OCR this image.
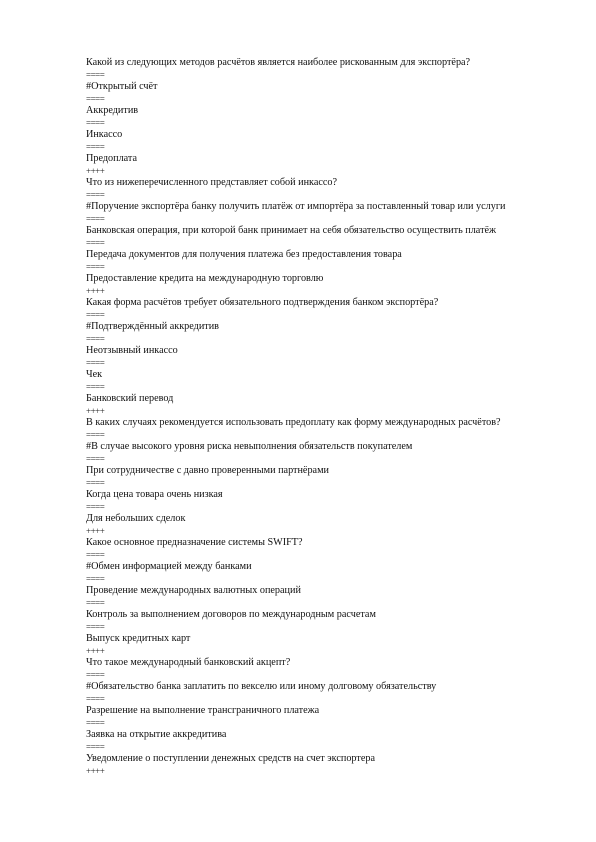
Какой из следующих методов расчётов является наиболее рискованным для экспортёра?
====
#Открытый счёт
====
Аккредитив
====
Инкассо
====
Предоплата
++++
Что из нижеперечисленного представляет собой инкассо?
====
#Поручение экспортёра банку получить платёж от импортёра за поставленный товар или услуги
====
Банковская операция, при которой банк принимает на себя обязательство осуществить платёж
====
Передача документов для получения платежа без предоставления товара
====
Предоставление кредита на международную торговлю
++++
Какая форма расчётов требует обязательного подтверждения банком экспортёра?
====
#Подтверждённый аккредитив
====
Неотзывный инкассо
====
Чек
====
Банковский перевод
++++
В каких случаях рекомендуется использовать предоплату как форму международных расчётов?
====
#В случае высокого уровня риска невыполнения обязательств покупателем
====
При сотрудничестве с давно проверенными партнёрами
====
Когда цена товара очень низкая
====
Для небольших сделок
++++
Какое основное предназначение системы SWIFT?
====
#Обмен информацией между банками
====
Проведение международных валютных операций
====
Контроль за выполнением договоров по международным расчетам
====
Выпуск кредитных карт
++++
Что такое международный банковский акцепт?
====
#Обязательство банка заплатить по векселю или иному долговому обязательству
====
Разрешение на выполнение трансграничного платежа
====
Заявка на открытие аккредитива
====
Уведомление о поступлении денежных средств на счет экспортера
++++
